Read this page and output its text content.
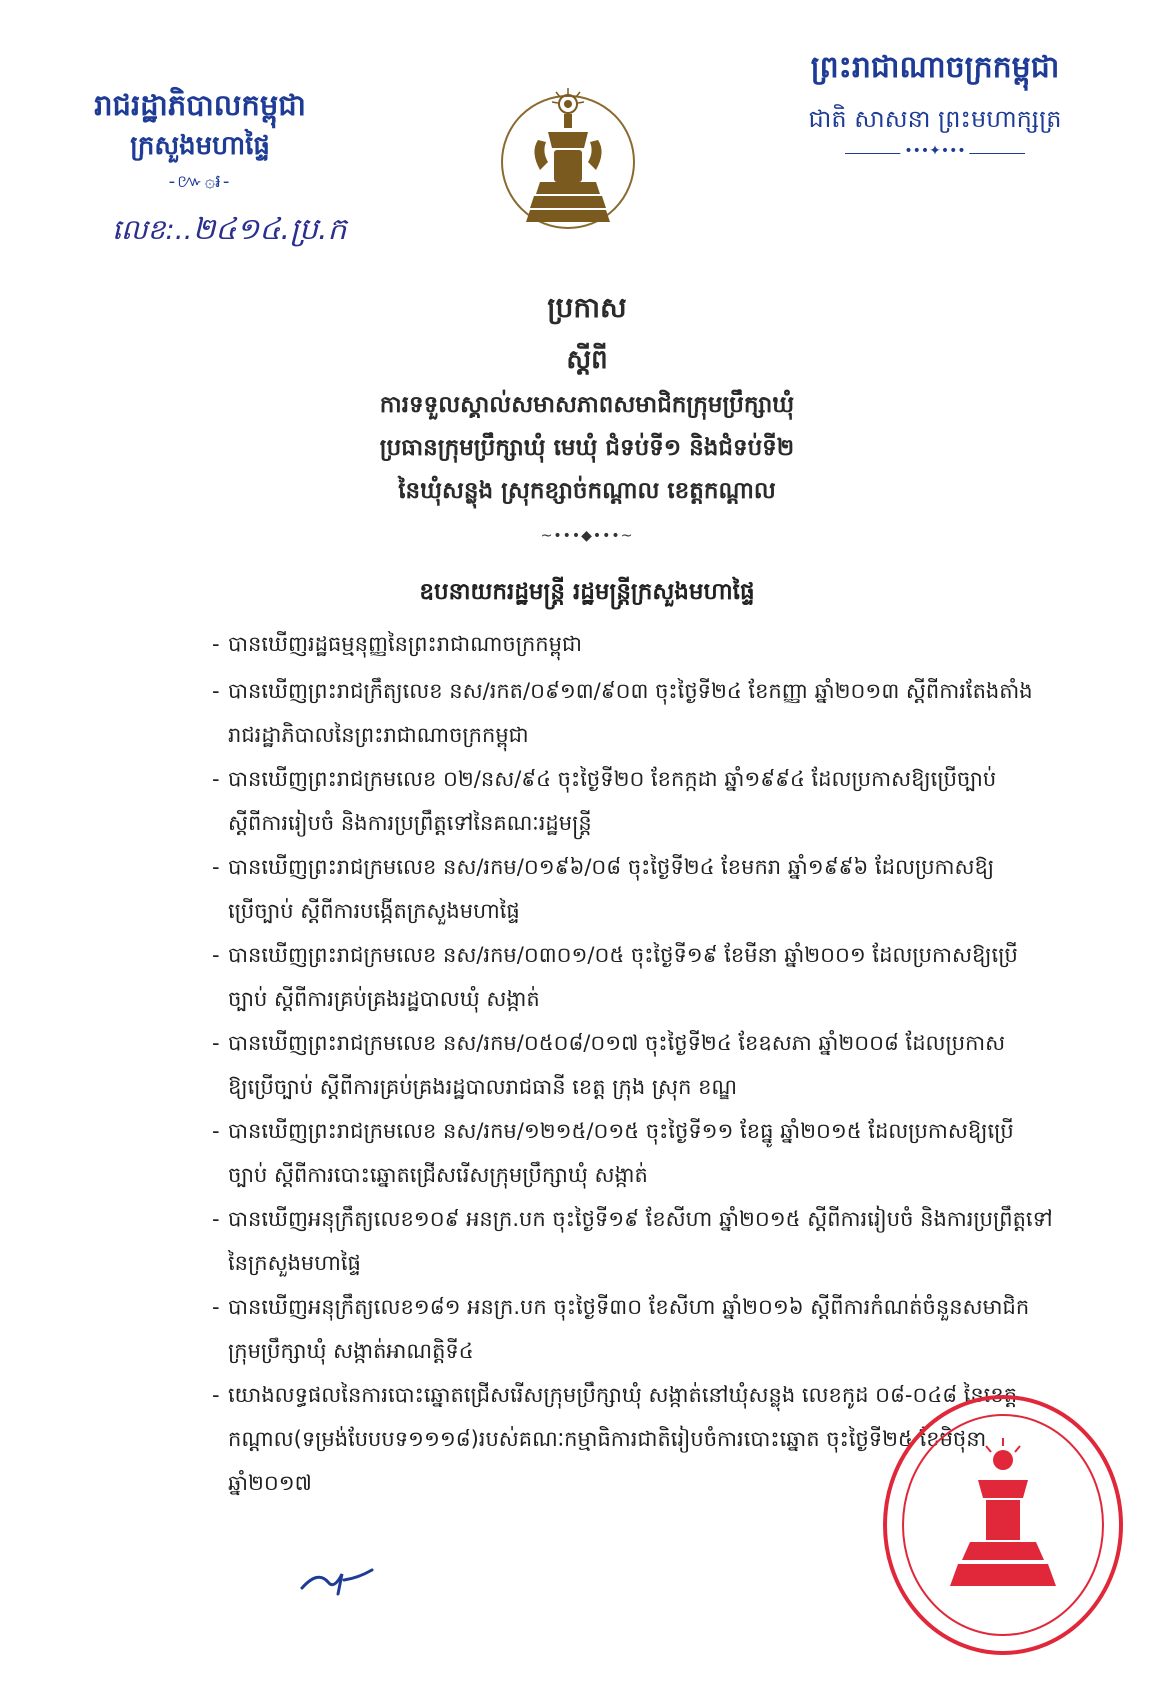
រាជរដ្ឋាភិបាលកម្ពុជា
ក្រសួងមហាផ្ទៃ
-៚۞៛-
លេខ:..២៤១៤.ប្រ.ក
ព្រះរាជាណាចក្រកម្ពុជា
ជាតិ សាសនា ព្រះមហាក្សត្រ
•••✦•••
ប្រកាស
ស្តីពី
ការទទួលស្គាល់សមាសភាពសមាជិកក្រុមប្រឹក្សាឃុំ
ប្រធានក្រុមប្រឹក្សាឃុំ មេឃុំ ជំទប់ទី១ និងជំទប់ទី២
នៃឃុំសន្លុង ស្រុកខ្សាច់កណ្តាល ខេត្តកណ្តាល
~•••◆•••~
ឧបនាយករដ្ឋមន្ត្រី រដ្ឋមន្ត្រីក្រសួងមហាផ្ទៃ
- បានឃើញរដ្ឋធម្មនុញ្ញនៃព្រះរាជាណាចក្រកម្ពុជា
- បានឃើញព្រះរាជក្រឹត្យលេខ នស/រកត/០៩១៣/៩០៣ ចុះថ្ងៃទី២៤ ខែកញ្ញា ឆ្នាំ២០១៣ ស្តីពីការតែងតាំង
រាជរដ្ឋាភិបាលនៃព្រះរាជាណាចក្រកម្ពុជា
- បានឃើញព្រះរាជក្រមលេខ ០២/នស/៩៤ ចុះថ្ងៃទី២០ ខែកក្កដា ឆ្នាំ១៩៩៤ ដែលប្រកាសឱ្យប្រើច្បាប់
ស្តីពីការរៀបចំ និងការប្រព្រឹត្តទៅនៃគណៈរដ្ឋមន្ត្រី
- បានឃើញព្រះរាជក្រមលេខ នស/រកម/០១៩៦/០៨ ចុះថ្ងៃទី២៤ ខែមករា ឆ្នាំ១៩៩៦ ដែលប្រកាសឱ្យ
ប្រើច្បាប់ ស្តីពីការបង្កើតក្រសួងមហាផ្ទៃ
- បានឃើញព្រះរាជក្រមលេខ នស/រកម/០៣០១/០៥ ចុះថ្ងៃទី១៩ ខែមីនា ឆ្នាំ២០០១ ដែលប្រកាសឱ្យប្រើ
ច្បាប់ ស្តីពីការគ្រប់គ្រងរដ្ឋបាលឃុំ សង្កាត់
- បានឃើញព្រះរាជក្រមលេខ នស/រកម/០៥០៨/០១៧ ចុះថ្ងៃទី២៤ ខែឧសភា ឆ្នាំ២០០៨ ដែលប្រកាស
ឱ្យប្រើច្បាប់ ស្តីពីការគ្រប់គ្រងរដ្ឋបាលរាជធានី ខេត្ត ក្រុង ស្រុក ខណ្ឌ
- បានឃើញព្រះរាជក្រមលេខ នស/រកម/១២១៥/០១៥ ចុះថ្ងៃទី១១ ខែធ្នូ ឆ្នាំ២០១៥ ដែលប្រកាសឱ្យប្រើ
ច្បាប់ ស្តីពីការបោះឆ្នោតជ្រើសរើសក្រុមប្រឹក្សាឃុំ សង្កាត់
- បានឃើញអនុក្រឹត្យលេខ១០៩ អនក្រ.បក ចុះថ្ងៃទី១៩ ខែសីហា ឆ្នាំ២០១៥ ស្តីពីការរៀបចំ និងការប្រព្រឹត្តទៅ
នៃក្រសួងមហាផ្ទៃ
- បានឃើញអនុក្រឹត្យលេខ១៨១ អនក្រ.បក ចុះថ្ងៃទី៣០ ខែសីហា ឆ្នាំ២០១៦ ស្តីពីការកំណត់ចំនួនសមាជិក
ក្រុមប្រឹក្សាឃុំ សង្កាត់អាណត្តិទី៤
- យោងលទ្ធផលនៃការបោះឆ្នោតជ្រើសរើសក្រុមប្រឹក្សាឃុំ សង្កាត់នៅឃុំសន្លុង លេខកូដ ០៨-០៤៨ នៃខេត្ត
កណ្តាល(ទម្រង់បែបបទ១១១៨)របស់គណៈកម្មាធិការជាតិរៀបចំការបោះឆ្នោត ចុះថ្ងៃទី២៥ ខែមិថុនា
ឆ្នាំ២០១៧
